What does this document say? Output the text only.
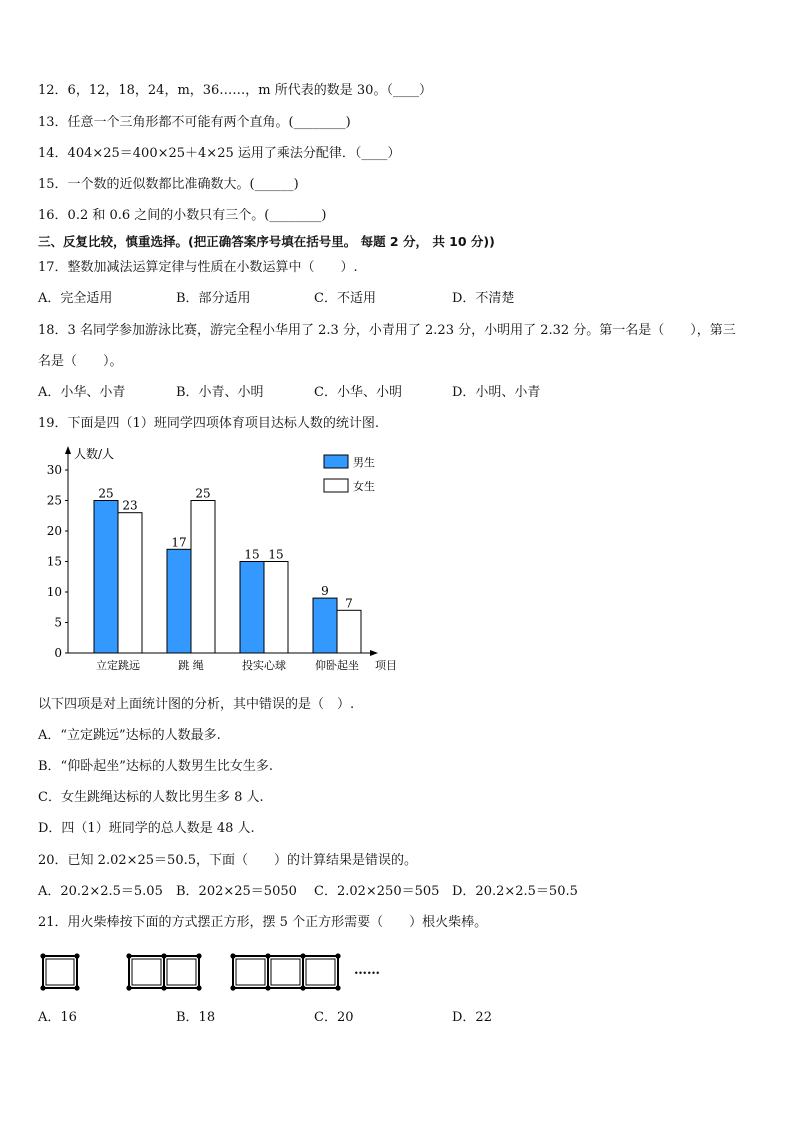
12．6，12，18，24，m，36……，m 所代表的数是 30。（____）
13．任意一个三角形都不可能有两个直角。(________)
14．404×25＝400×25＋4×25 运用了乘法分配律．（____）
15．一个数的近似数都比准确数大。(______)
16．0.2 和 0.6 之间的小数只有三个。(________)
三、反复比较，慎重选择。(把正确答案序号填在括号里。 每题 2 分， 共 10 分))
17．整数加减法运算定律与性质在小数运算中（　　）.
A．完全适用	B．部分适用	C．不适用	D．不清楚
18．3 名同学参加游泳比赛，游完全程小华用了 2.3 分，小青用了 2.23 分，小明用了 2.32 分。第一名是（　　），第三
名是（　　）。
A．小华、小青	B．小青、小明	C．小华、小明	D．小明、小青
19．下面是四（1）班同学四项体育项目达标人数的统计图.
人数/人
项目
0
5
10
15
20
25
30
25
23
立定跳远
17
25
跳 绳
15 15
投实心球
9
7
仰卧起坐
男生
女生
以下四项是对上面统计图的分析，其中错误的是（　）.
A．“立定跳远”达标的人数最多.
B．“仰卧起坐”达标的人数男生比女生多.
C．女生跳绳达标的人数比男生多 8 人.
D．四（1）班同学的总人数是 48 人.
20．已知 2.02×25＝50.5，下面（　　）的计算结果是错误的。
A．20.2×2.5＝5.05 B．202×25＝5050 C．2.02×250＝505 D．20.2×2.5＝50.5
21．用火柴棒按下面的方式摆正方形，摆 5 个正方形需要（　　）根火柴棒。
……
A．16	B．18	C．20	D．22
